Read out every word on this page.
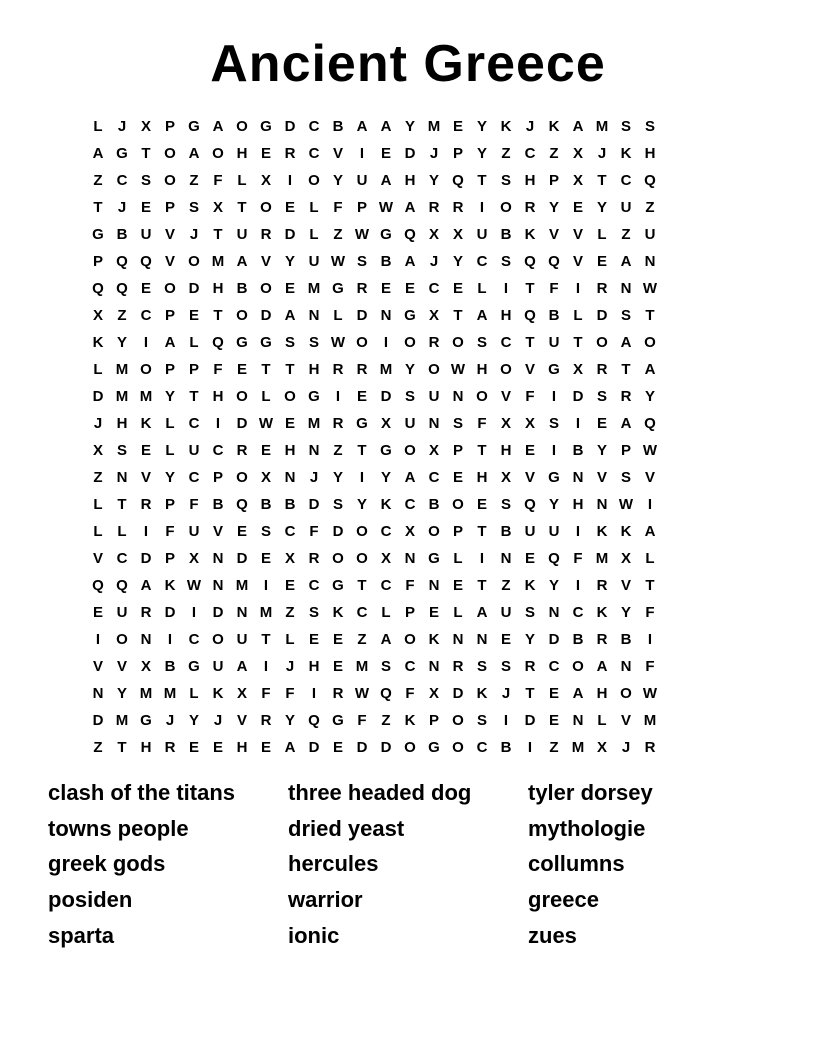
Ancient Greece
L	J X P G A O G D C B A A Y M E Y K J K A M S S
A G T O A O H E R C V	I	E D J P Y Z C Z X J K H
Z C S O Z F L X	I	O Y U A H Y Q T S H P X T C Q
T	J E P S X T O E L F P W A R R	I	O R Y E Y U Z
G B U V J	T U R D L Z W G Q X X U B K V V L Z U
P Q Q V O M A V Y U W S B A J Y C S Q Q V E A N
Q Q E O D H B O E M G R E E C E L	I	T F	I	R N W
X Z C P E T O D A N L D N G X T A H Q B L D S T
K Y	I	A L Q G G S S W O	I	O R O S C T U T O A O
L M O P P F E T T H R R M Y O W H O V G X R T A
D M M Y T H O L O G	I	E D S U N O V F	I	D S R Y
J H K L C	I	D W E M R G X U N S F X X S	I	E A Q
X S E L U C R E H N Z T G O X P T H E	I	B Y P W
Z N V Y C P O X N J Y	I	Y A C E H X V G N V S V
L T R P F B Q B B D S Y K C B O E S Q Y H N W I
L L	I	F U V E S C F D O C X O P T B U U	I	K K A
V C D P X N D E X R O O X N G L	I	N E Q F M X L
Q Q A K W N M	I	E C G T C F N E T Z K Y	I	R V T
E U R D	I	D N M Z S K C L P E L A U S N C K Y F
I	O N	I	C O U T L E E Z A O K N N E Y D B R B	I
V V X B G U A	I	J H E M S C N R S S R C O A N F
N Y M M L K X F F	I	R W Q F X D K J	T E A H O W
D M G J Y J V R Y Q G F Z K P O S	I	D E N L V M
Z T H R E E H E A D E D D O G O C B	I	Z M X J R
clash of the titans	three headed dog	tyler dorsey
towns people	dried yeast	mythologie
greek gods	hercules	collumns
posiden	warrior	greece
sparta	ionic	zues
